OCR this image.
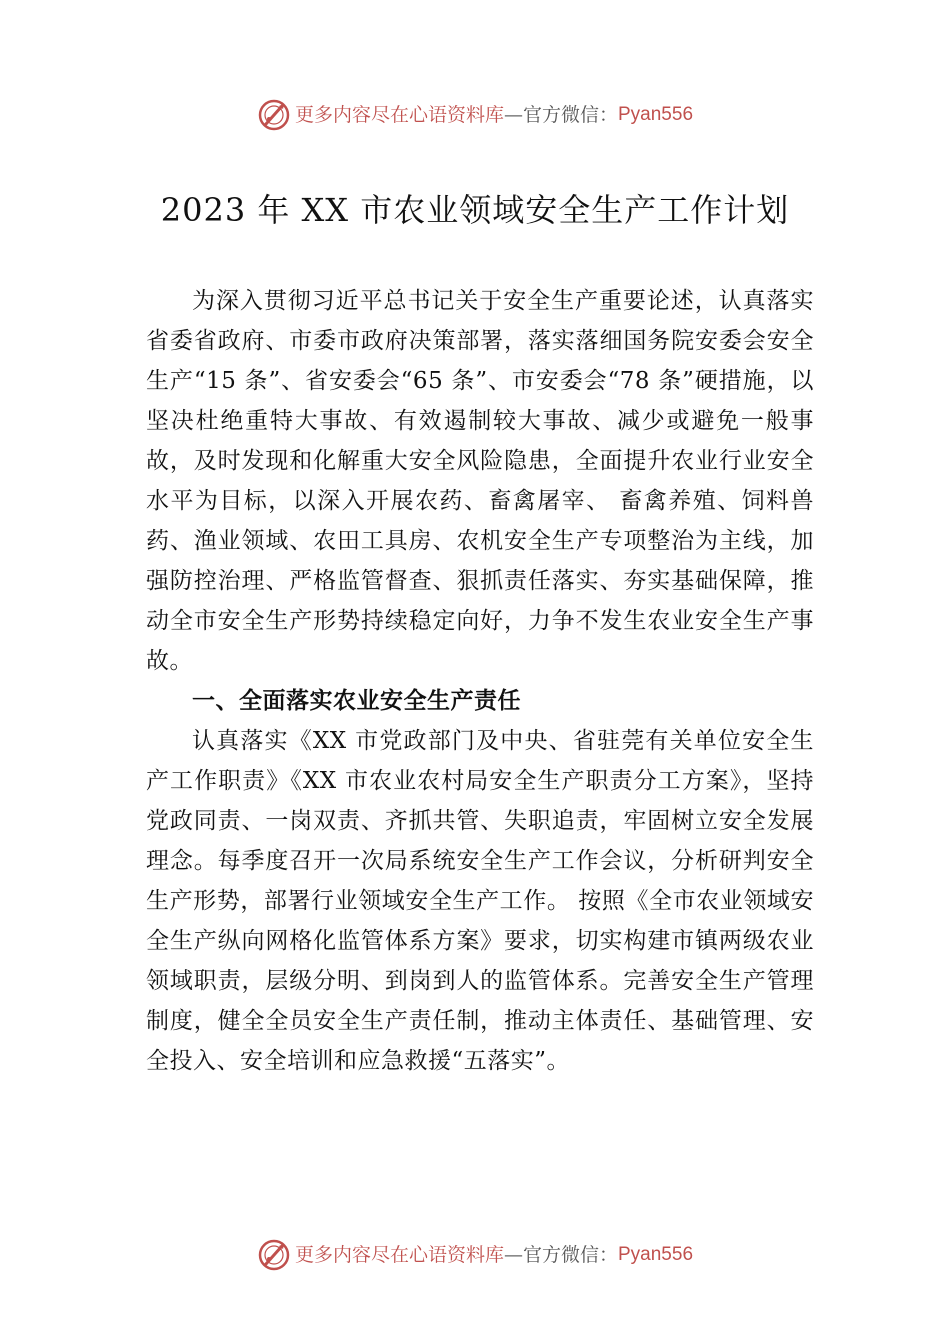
更多内容尽在心语资料库 — 官方微信： Pyan556
2023 年 XX 市农业领域安全生产工作计划

为深入贯彻习近平总书记关于安全生产重要论述，认真落实省委省政府、市委市政府决策部署，落实落细国务院安委会安全生产“15 条”、省安委会“65 条”、市安委会“78 条”硬措施，以坚决杜绝重特大事故、有效遏制较大事故、减少或避免一般事故，及时发现和化解重大安全风险隐患，全面提升农业行业安全水平为目标，以深入开展农药、畜禽屠宰、 畜禽养殖、饲料兽药、渔业领域、农田工具房、农机安全生产专项整治为主线，加强防控治理、严格监管督查、狠抓责任落实、夯实基础保障，推动全市安全生产形势持续稳定向好，力争不发生农业安全生产事故。

一、全面落实农业安全生产责任

认真落实《XX 市党政部门及中央、省驻莞有关单位安全生产工作职责》《XX 市农业农村局安全生产职责分工方案》，坚持党政同责、一岗双责、齐抓共管、失职追责，牢固树立安全发展理念。每季度召开一次局系统安全生产工作会议，分析研判安全生产形势，部署行业领域安全生产工作。 按照《全市农业领域安全生产纵向网格化监管体系方案》要求，切实构建市镇两级农业领域职责，层级分明、到岗到人的监管体系。完善安全生产管理制度，健全全员安全生产责任制，推动主体责任、基础管理、安全投入、安全培训和应急救援“五落实”。

更多内容尽在心语资料库 — 官方微信： Pyan556
